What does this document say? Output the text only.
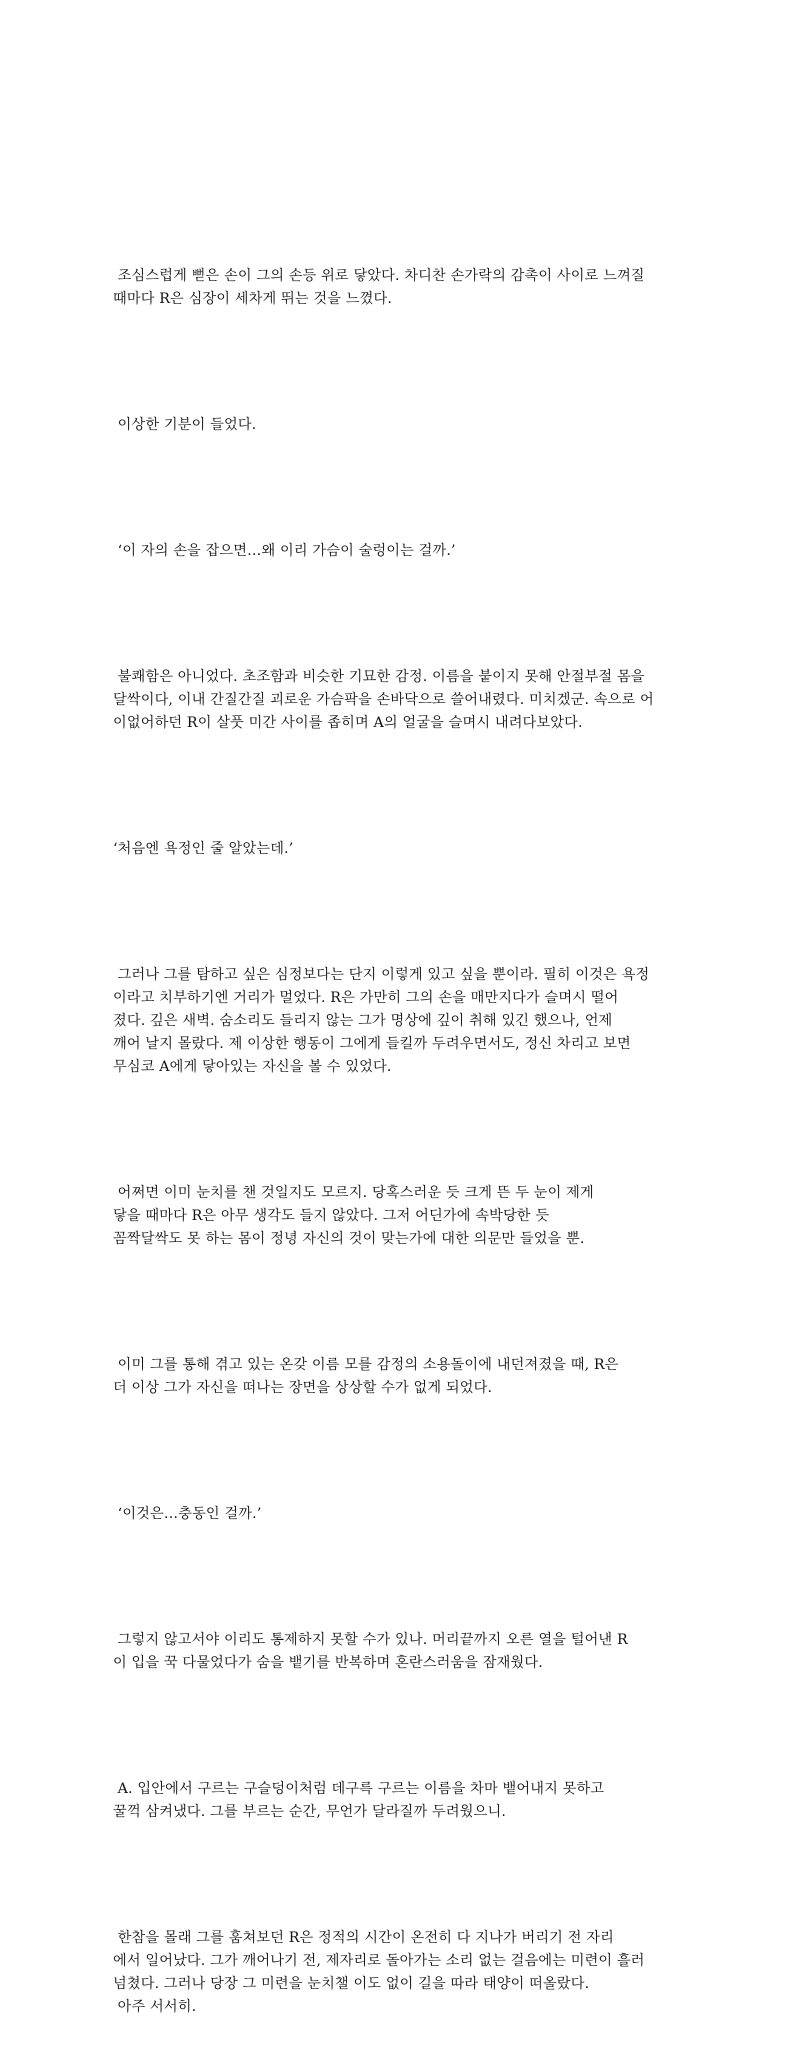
조심스럽게 뻗은 손이 그의 손등 위로 닿았다. 차디찬 손가락의 감촉이 사이로 느껴질
때마다 R은 심장이 세차게 뛰는 것을 느꼈다.

이상한 기분이 들었다.

‘이 자의 손을 잡으면…왜 이리 가슴이 술렁이는 걸까.’

불쾌함은 아니었다. 초조함과 비슷한 기묘한 감정. 이름을 붙이지 못해 안절부절 몸을
달싹이다, 이내 간질간질 괴로운 가슴팍을 손바닥으로 쓸어내렸다. 미치겠군. 속으로 어
이없어하던 R이 살풋 미간 사이를 좁히며 A의 얼굴을 슬며시 내려다보았다.

‘처음엔 욕정인 줄 알았는데.’

그러나 그를 탐하고 싶은 심정보다는 단지 이렇게 있고 싶을 뿐이라. 필히 이것은 욕정
이라고 치부하기엔 거리가 멀었다. R은 가만히 그의 손을 매만지다가 슬며시 떨어
졌다. 깊은 새벽. 숨소리도 들리지 않는 그가 명상에 깊이 취해 있긴 했으나, 언제
깨어 날지 몰랐다. 제 이상한 행동이 그에게 들킬까 두려우면서도, 정신 차리고 보면
무심코 A에게 닿아있는 자신을 볼 수 있었다.

어쩌면 이미 눈치를 챈 것일지도 모르지. 당혹스러운 듯 크게 뜬 두 눈이 제게
닿을 때마다 R은 아무 생각도 들지 않았다. 그저 어딘가에 속박당한 듯
꼼짝달싹도 못 하는 몸이 정녕 자신의 것이 맞는가에 대한 의문만 들었을 뿐.

이미 그를 통해 겪고 있는 온갖 이름 모를 감정의 소용돌이에 내던져졌을 때, R은
더 이상 그가 자신을 떠나는 장면을 상상할 수가 없게 되었다.

‘이것은…충동인 걸까.’

그렇지 않고서야 이리도 통제하지 못할 수가 있나. 머리끝까지 오른 열을 털어낸 R
이 입을 꾹 다물었다가 숨을 뱉기를 반복하며 혼란스러움을 잠재웠다.

A. 입안에서 구르는 구슬덩이처럼 데구륵 구르는 이름을 차마 뱉어내지 못하고
꿀꺽 삼켜냈다. 그를 부르는 순간, 무언가 달라질까 두려웠으니.

한참을 몰래 그를 훔쳐보던 R은 정적의 시간이 온전히 다 지나가 버리기 전 자리
에서 일어났다. 그가 깨어나기 전, 제자리로 돌아가는 소리 없는 걸음에는 미련이 흘러
넘쳤다. 그러나 당장 그 미련을 눈치챌 이도 없이 길을 따라 태양이 떠올랐다.
아주 서서히.
